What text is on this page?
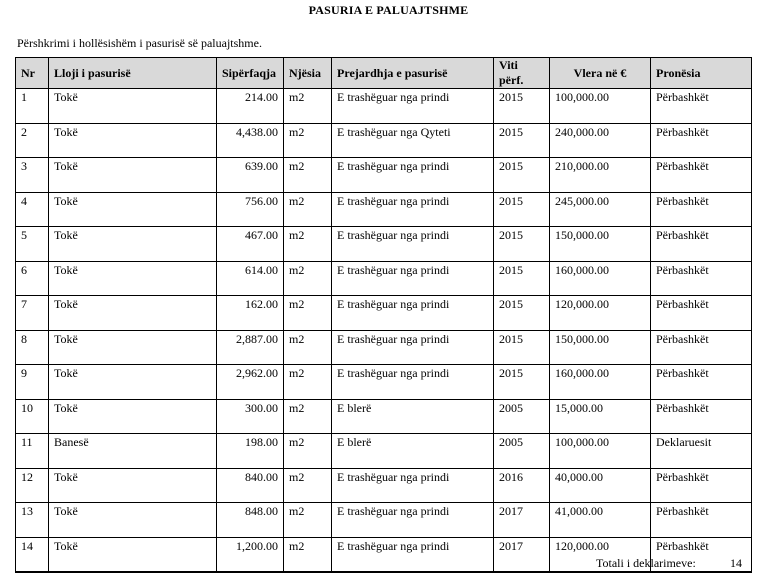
PASURIA E PALUAJTSHME
Përshkrimi i hollësishëm i pasurisë së paluajtshme.
Nr	Lloji i pasurisë	Sipërfaqja	Njësia	Prejardhja e pasurisë	Viti përf.	Vlera në €	Pronësia
1	Tokë	214.00	m2	E trashëguar nga prindi	2015	100,000.00	Përbashkët
2	Tokë	4,438.00	m2	E trashëguar nga Qyteti	2015	240,000.00	Përbashkët
3	Tokë	639.00	m2	E trashëguar nga prindi	2015	210,000.00	Përbashkët
4	Tokë	756.00	m2	E trashëguar nga prindi	2015	245,000.00	Përbashkët
5	Tokë	467.00	m2	E trashëguar nga prindi	2015	150,000.00	Përbashkët
6	Tokë	614.00	m2	E trashëguar nga prindi	2015	160,000.00	Përbashkët
7	Tokë	162.00	m2	E trashëguar nga prindi	2015	120,000.00	Përbashkët
8	Tokë	2,887.00	m2	E trashëguar nga prindi	2015	150,000.00	Përbashkët
9	Tokë	2,962.00	m2	E trashëguar nga prindi	2015	160,000.00	Përbashkët
10	Tokë	300.00	m2	E blerë	2005	15,000.00	Përbashkët
11	Banesë	198.00	m2	E blerë	2005	100,000.00	Deklaruesit
12	Tokë	840.00	m2	E trashëguar nga prindi	2016	40,000.00	Përbashkët
13	Tokë	848.00	m2	E trashëguar nga prindi	2017	41,000.00	Përbashkët
14	Tokë	1,200.00	m2	E trashëguar nga prindi	2017	120,000.00	Përbashkët
Totali i deklarimeve:	14
